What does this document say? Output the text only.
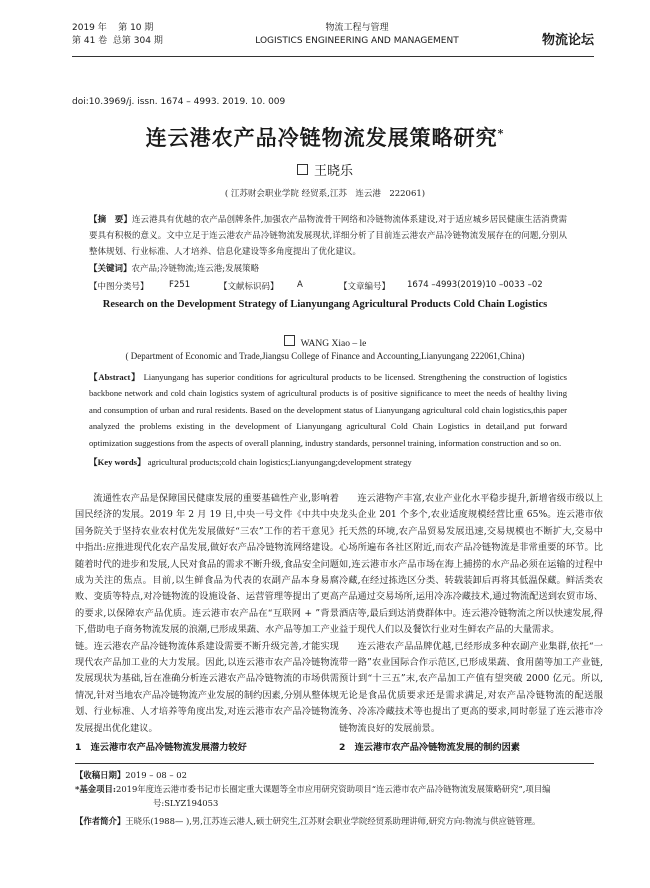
2019 年 第 10 期
第 41 卷 总第 304 期
物流工程与管理
LOGISTICS ENGINEERING AND MANAGEMENT	物流论坛
doi:10.3969/j. issn. 1674 – 4993. 2019. 10. 009
连云港农产品冷链物流发展策略研究*
王晓乐
( 江苏财会职业学院 经贸系,江苏　连云港　222061)
【摘　要】连云港具有优越的农产品创牌条件,加强农产品物流骨干网络和冷链物流体系建设,对于适应城乡居民健康生活消费需要具有积极的意义。文中立足于连云港农产品冷链物流发展现状,详细分析了目前连云港农产品冷链物流发展存在的问题,分别从整体规划、行业标准、人才培养、信息化建设等多角度提出了优化建议。
【关键词】农产品;冷链物流;连云港;发展策略
【中图分类号】 F251	【文献标识码】 A	【文章编号】 1674 –4993(2019)10 –0033 –02
Research on the Development Strategy of Lianyungang Agricultural Products Cold Chain Logistics
WANG Xiao – le
( Department of Economic and Trade,Jiangsu College of Finance and Accounting,Lianyungang 222061,China)
【Abstract】 Lianyungang has superior conditions for agricultural products to be licensed. Strengthening the construction of logistics backbone network and cold chain logistics system of agricultural products is of positive significance to meet the needs of healthy living and consumption of urban and rural residents. Based on the development status of Lianyungang agricultural cold chain logistics,this paper analyzed the problems existing in the development of Lianyungang agricultural Cold Chain Logistics in detail,and put forward optimization suggestions from the aspects of overall planning, industry standards, personnel training, information construction and so on.
【Key words】 agricultural products;cold chain logistics;Lianyungang;development strategy

流通性农产品是保障国民健康发展的重要基础性产业,影响着国民经济的发展。2019 年 2 月 19 日,中央一号文件《中共中央国务院关于坚持农业农村优先发展做好“三农”工作的若干意见》中指出:应推进现代化农产品发展,做好农产品冷链物流网络建设。随着时代的进步和发展,人民对食品的需求不断升级,食品安全问题成为关注的焦点。目前,以生鲜食品为代表的农副产品本身易腐败、变质等特点,对冷链物流的设施设备、运营管理等提出了更高的要求,以保障农产品优质。连云港市农产品在“互联网 + ”背景下,借助电子商务物流发展的浪潮,已形成果蔬、水产品等加工产业链。连云港农产品冷链物流体系建设需要不断升级完善,才能实现现代农产品加工业的大力发展。因此,以连云港市农产品冷链物流发展现状为基础,旨在准确分析连云港农产品冷链物流的市场供需情况,针对当地农产品冷链物流产业发展的制约因素,分别从整体规划、行业标准、人才培养等角度出发,对连云港市农产品冷链物流发展提出优化建议。

连云港物产丰富,农业产业化水平稳步提升,新增省级市级以上龙头企业 201 个多个,农业适度规模经营比重 65%。连云港市依托天然的环境,农产品贸易发展迅速,交易规模也不断扩大,交易中心场所遍布各社区附近,而农产品冷链物流是非常重要的环节。比如,连云港市水产品市场在海上捕捞的水产品必须在运输的过程中冷藏,在经过拣选区分类、转载装卸后再将其低温保藏。鲜活类农产品通过交易场所,运用冷冻冷藏技术,通过物流配送到农贸市场、酒店等,最后到达消费群体中。连云港冷链物流之所以快速发展,得益于现代人们以及餐饮行业对生鲜农产品的大量需求。

连云港农产品品牌优越,已经形成多种农副产业集群,依托“一带一路”农业国际合作示范区,已形成果蔬、食用菌等加工产业链,预计到“十三五”末,农产品加工产值有望突破 2000 亿元。所以,无论是食品优质要求还是需求满足,对农产品冷链物流的配送服务、冷冻冷藏技术等也提出了更高的要求,同时彰显了连云港市冷链物流良好的发展前景。

1　连云港市农产品冷链物流发展潜力较好	2　连云港市农产品冷链物流发展的制约因素
【收稿日期】2019 – 08 – 02
*基金项目:2019年度连云港市委书记市长圈定重大课题等全市应用研究资助项目“连云港市农产品冷链物流发展策略研究”,项目编号:SLYZ194053
【作者简介】王晓乐(1988— ),男,江苏连云港人,硕士研究生,江苏财会职业学院经贸系助理讲师,研究方向:物流与供应链管理。
